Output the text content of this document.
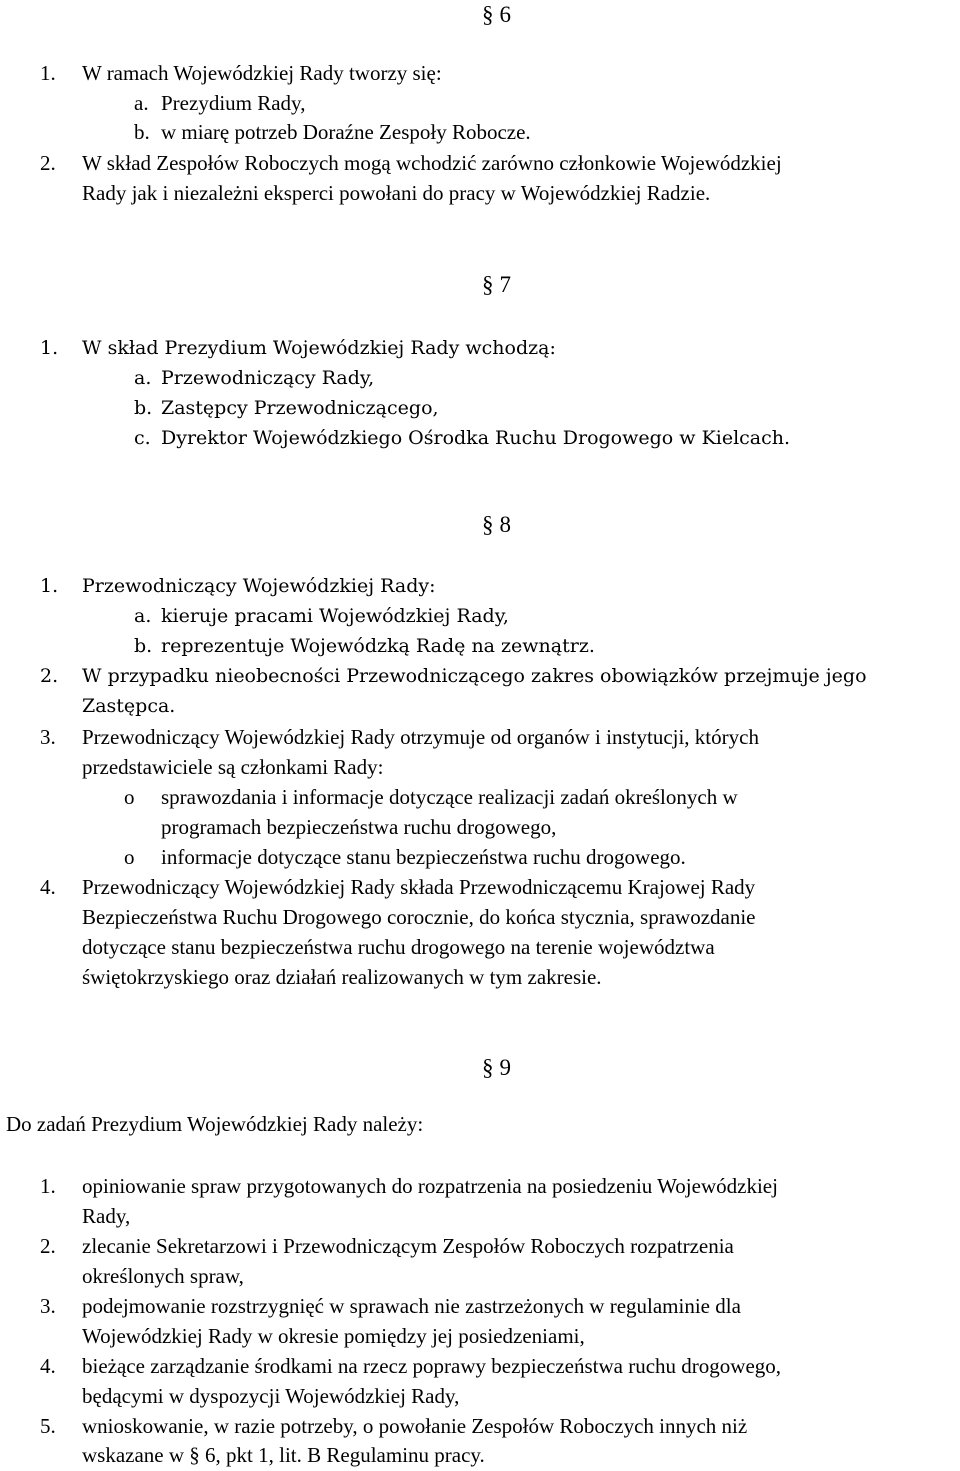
§ 6
1. W ramach Wojewódzkiej Rady tworzy się:
a. Prezydium Rady,
b. w miarę potrzeb Doraźne Zespoły Robocze.
2. W skład Zespołów Roboczych mogą wchodzić zarówno członkowie Wojewódzkiej
Rady jak i niezależni eksperci powołani do pracy w Wojewódzkiej Radzie.
§ 7
1. W skład Prezydium Wojewódzkiej Rady wchodzą:
a. Przewodniczący Rady,
b. Zastępcy Przewodniczącego,
c. Dyrektor Wojewódzkiego Ośrodka Ruchu Drogowego w Kielcach.
§ 8
1. Przewodniczący Wojewódzkiej Rady:
a. kieruje pracami Wojewódzkiej Rady,
b. reprezentuje Wojewódzką Radę na zewnątrz.
2. W przypadku nieobecności Przewodniczącego zakres obowiązków przejmuje jego
Zastępca.
3. Przewodniczący Wojewódzkiej Rady otrzymuje od organów i instytucji, których
przedstawiciele są członkami Rady:
o sprawozdania i informacje dotyczące realizacji zadań określonych w
programach bezpieczeństwa ruchu drogowego,
o informacje dotyczące stanu bezpieczeństwa ruchu drogowego.
4. Przewodniczący Wojewódzkiej Rady składa Przewodniczącemu Krajowej Rady
Bezpieczeństwa Ruchu Drogowego corocznie, do końca stycznia, sprawozdanie
dotyczące stanu bezpieczeństwa ruchu drogowego na terenie województwa
świętokrzyskiego oraz działań realizowanych w tym zakresie.
§ 9
Do zadań Prezydium Wojewódzkiej Rady należy:
1. opiniowanie spraw przygotowanych do rozpatrzenia na posiedzeniu Wojewódzkiej
Rady,
2. zlecanie Sekretarzowi i Przewodniczącym Zespołów Roboczych rozpatrzenia
określonych spraw,
3. podejmowanie rozstrzygnięć w sprawach nie zastrzeżonych w regulaminie dla
Wojewódzkiej Rady w okresie pomiędzy jej posiedzeniami,
4. bieżące zarządzanie środkami na rzecz poprawy bezpieczeństwa ruchu drogowego,
będącymi w dyspozycji Wojewódzkiej Rady,
5. wnioskowanie, w razie potrzeby, o powołanie Zespołów Roboczych innych niż
wskazane w § 6, pkt 1, lit. B Regulaminu pracy.
